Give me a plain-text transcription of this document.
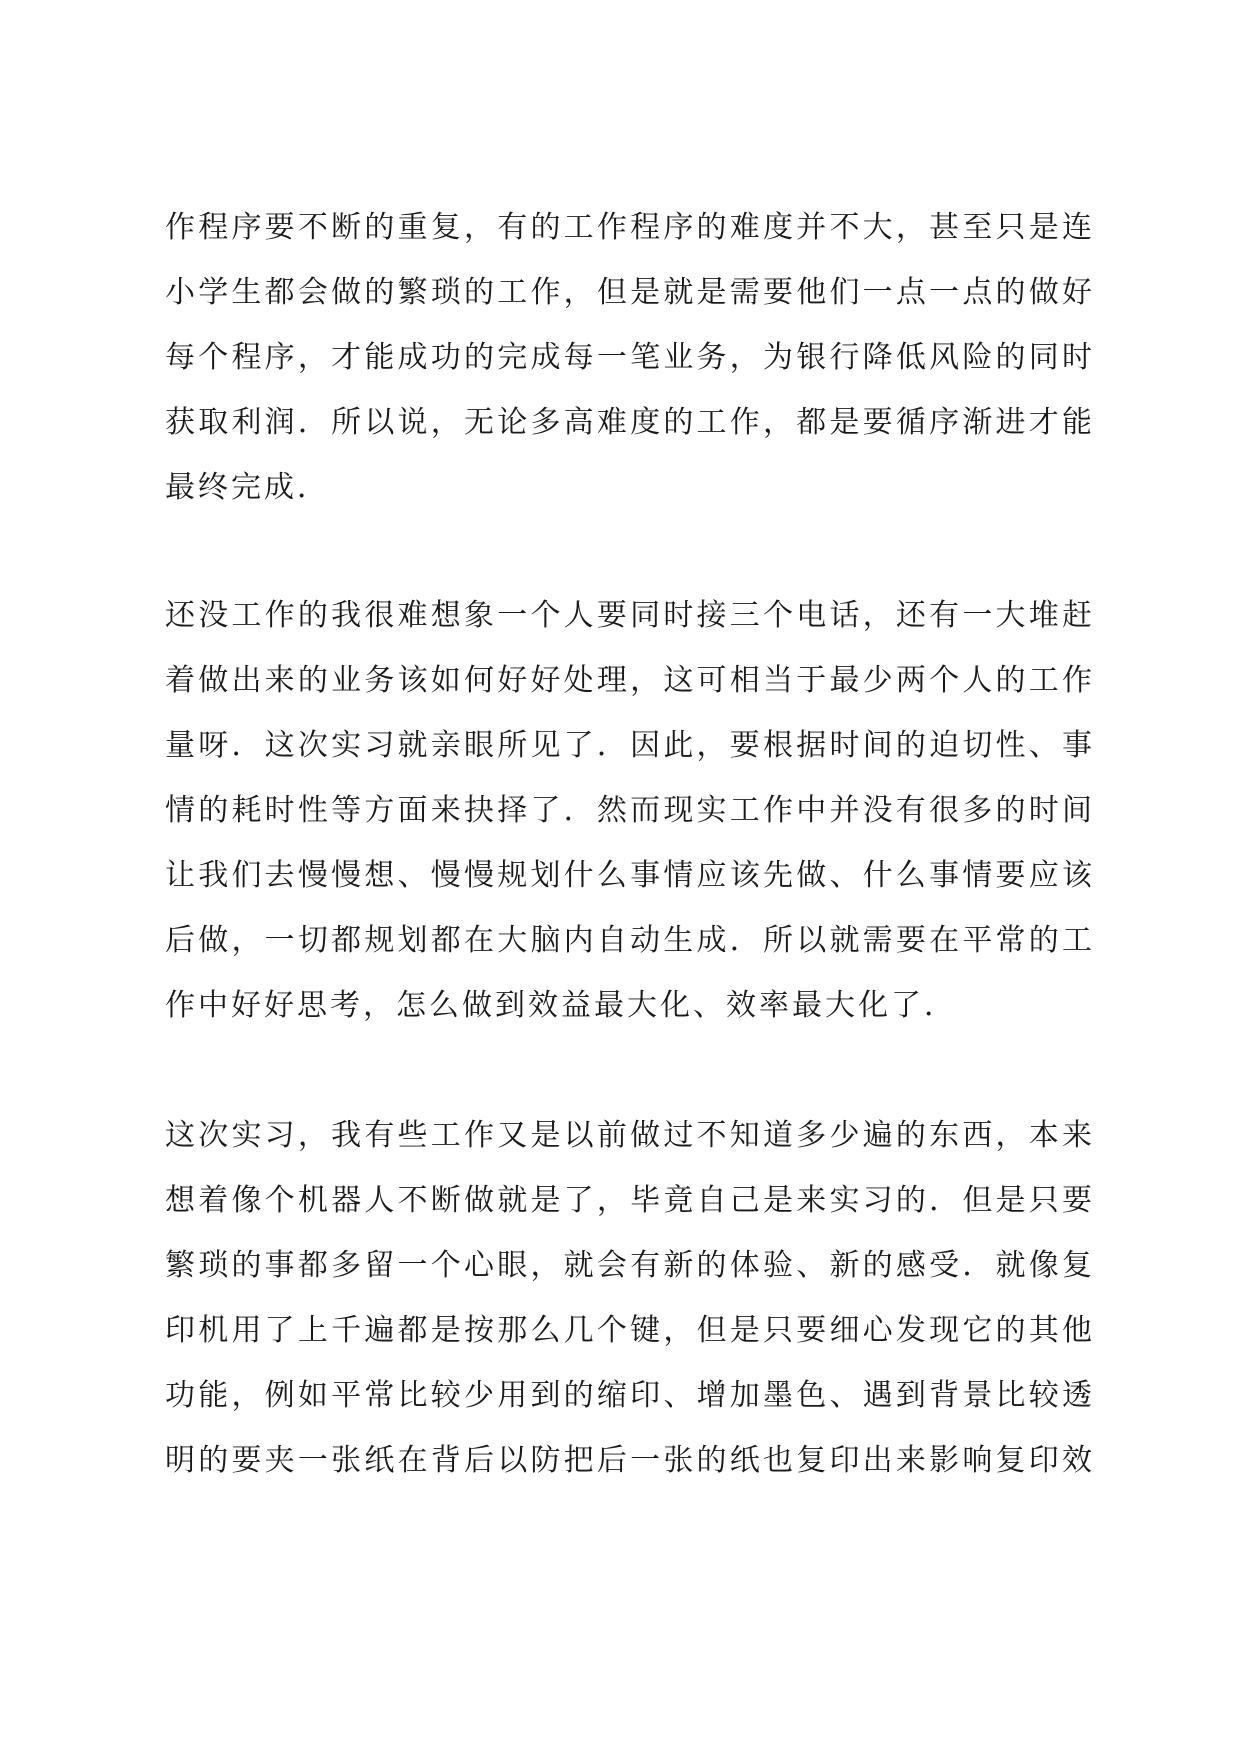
作程序要不断的重复，有的工作程序的难度并不大，甚至只是连
小学生都会做的繁琐的工作，但是就是需要他们一点一点的做好
每个程序，才能成功的完成每一笔业务，为银行降低风险的同时
获取利润．所以说，无论多高难度的工作，都是要循序渐进才能
最终完成．
还没工作的我很难想象一个人要同时接三个电话，还有一大堆赶
着做出来的业务该如何好好处理，这可相当于最少两个人的工作
量呀．这次实习就亲眼所见了．因此，要根据时间的迫切性、事
情的耗时性等方面来抉择了．然而现实工作中并没有很多的时间
让我们去慢慢想、慢慢规划什么事情应该先做、什么事情要应该
后做，一切都规划都在大脑内自动生成．所以就需要在平常的工
作中好好思考，怎么做到效益最大化、效率最大化了．
这次实习，我有些工作又是以前做过不知道多少遍的东西，本来
想着像个机器人不断做就是了，毕竟自己是来实习的．但是只要
繁琐的事都多留一个心眼，就会有新的体验、新的感受．就像复
印机用了上千遍都是按那么几个键，但是只要细心发现它的其他
功能，例如平常比较少用到的缩印、增加墨色、遇到背景比较透
明的要夹一张纸在背后以防把后一张的纸也复印出来影响复印效
